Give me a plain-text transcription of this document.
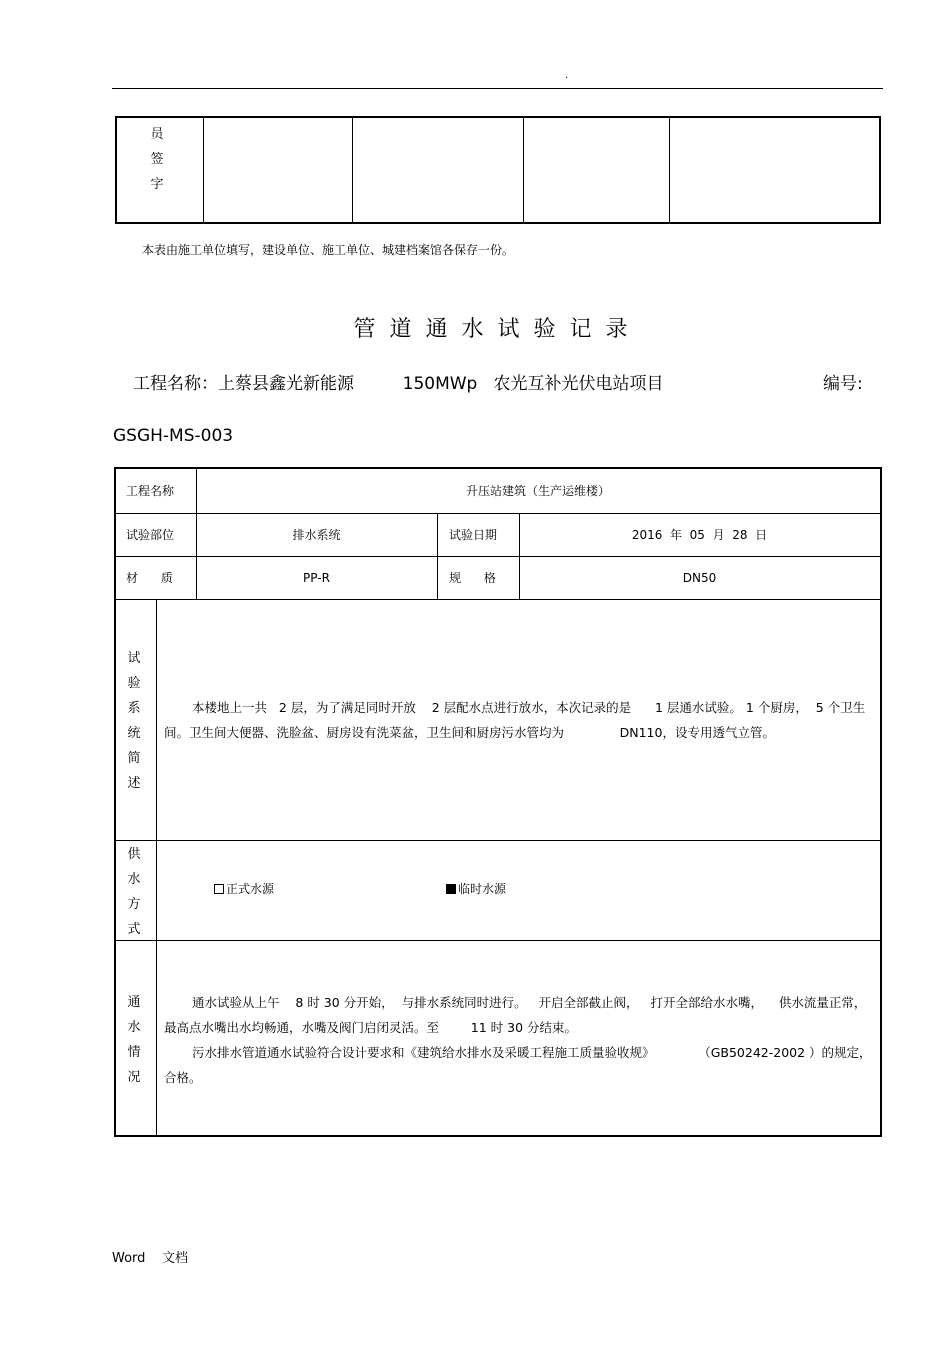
.
员
签
字
本表由施工单位填写，建设单位、施工单位、城建档案馆各保存一份。
管道通水试验记录
工程名称：上蔡县鑫光新能源         150MWp   农光互补光伏电站项目	编号:
GSGH-MS-003
工程名称	升压站建筑（生产运维楼）
试验部位	排水系统	试验日期	2016  年  05  月  28  日
材      质	PP-R	规      格	DN50
试
验
系
统
简
述
本楼地上一共   2 层，为了满足同时开放    2 层配水点进行放水，本次记录的是      1 层通水试验。 1 个厨房，  5 个卫生间。卫生间大便器、洗脸盆、厨房设有洗菜盆，卫生间和厨房污水管均为              DN110，设专用透气立管。
供
水
方
式
正式水源	临时水源
通
水
情
况
通水试验从上午    8 时 30 分开始，  与排水系统同时进行。   开启全部截止阀，   打开全部给水水嘴，    供水流量正常，最高点水嘴出水均畅通，水嘴及阀门启闭灵活。至        11 时 30 分结束。
污水排水管道通水试验符合设计要求和《建筑给水排水及采暖工程施工质量验收规》           （GB50242-2002 ）的规定，合格。
Word    文档
